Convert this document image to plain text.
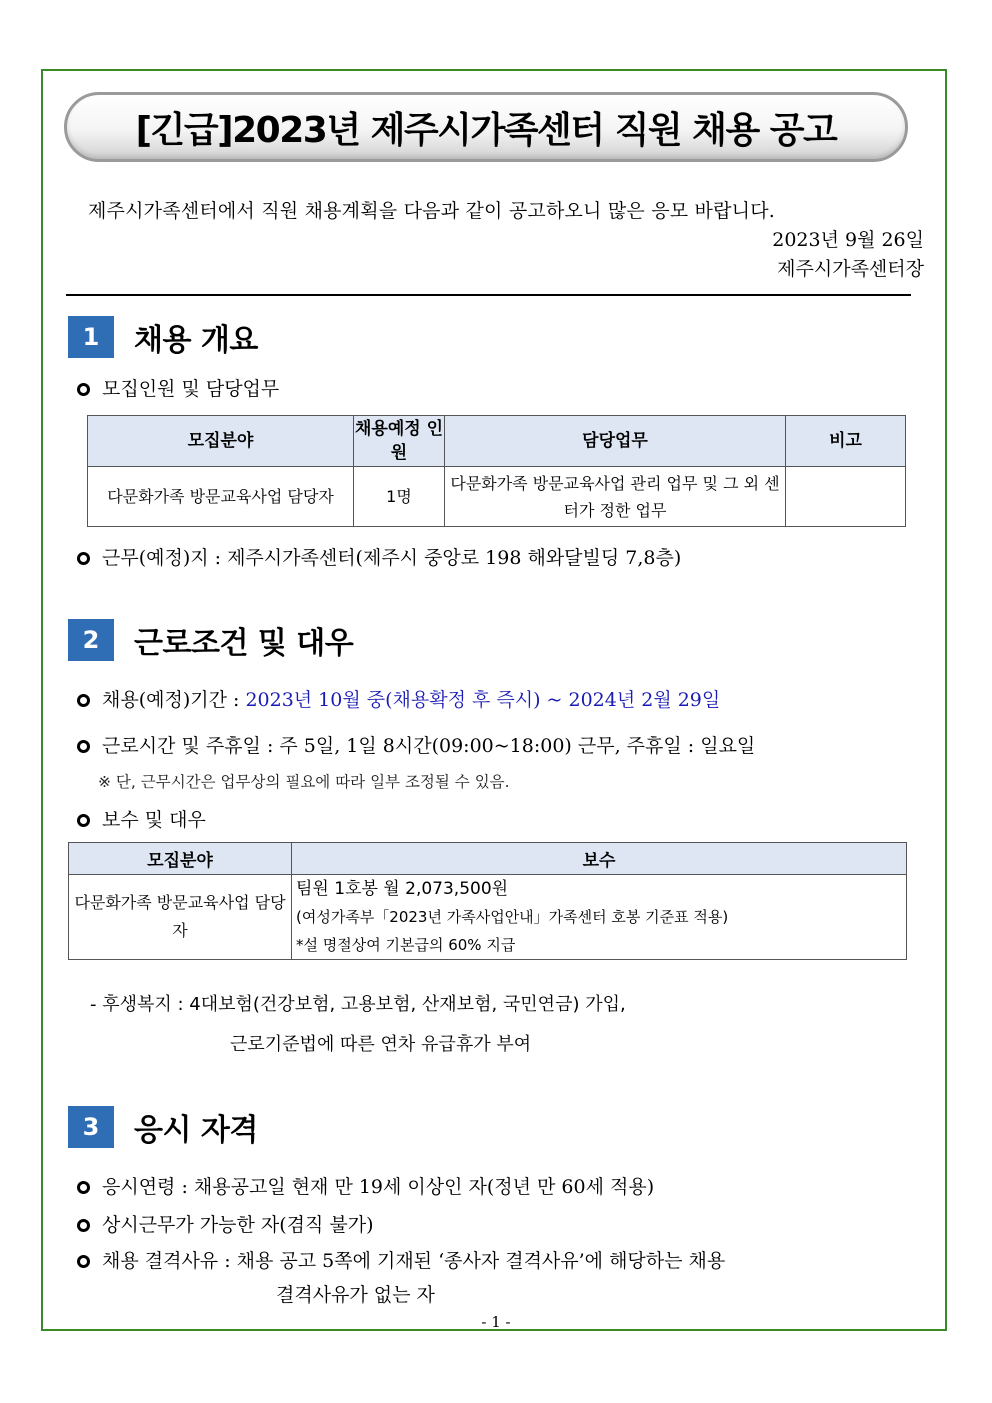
[긴급]2023년 제주시가족센터 직원 채용 공고
제주시가족센터에서 직원 채용계획을 다음과 같이 공고하오니 많은 응모 바랍니다.
2023년 9월 26일
제주시가족센터장
1	채용 개요
모집인원 및 담당업무
모집분야	채용예정 인원	담당업무	비고
다문화가족 방문교육사업 담당자	1명	다문화가족 방문교육사업 관리 업무 및 그 외 센터가 정한 업무	
근무(예정)지 : 제주시가족센터(제주시 중앙로 198 해와달빌딩 7,8층)
2	근로조건 및 대우
채용(예정)기간 : 2023년 10월 중(채용확정 후 즉시) ~ 2024년 2월 29일
근로시간 및 주휴일 : 주 5일, 1일 8시간(09:00~18:00) 근무, 주휴일 : 일요일
※ 단, 근무시간은 업무상의 필요에 따라 일부 조정될 수 있음.
보수 및 대우
모집분야	보수
다문화가족 방문교육사업 담당자	팀원 1호봉 월 2,073,500원
(여성가족부「2023년 가족사업안내」가족센터 호봉 기준표 적용)
*설 명절상여 기본급의 60% 지급
- 후생복지 : 4대보험(건강보험, 고용보험, 산재보험, 국민연금) 가입,
근로기준법에 따른 연차 유급휴가 부여
3	응시 자격
응시연령 : 채용공고일 현재 만 19세 이상인 자(정년 만 60세 적용)
상시근무가 가능한 자(겸직 불가)
채용 결격사유 : 채용 공고 5쪽에 기재된 ‘종사자 결격사유’에 해당하는 채용
결격사유가 없는 자
- 1 -
